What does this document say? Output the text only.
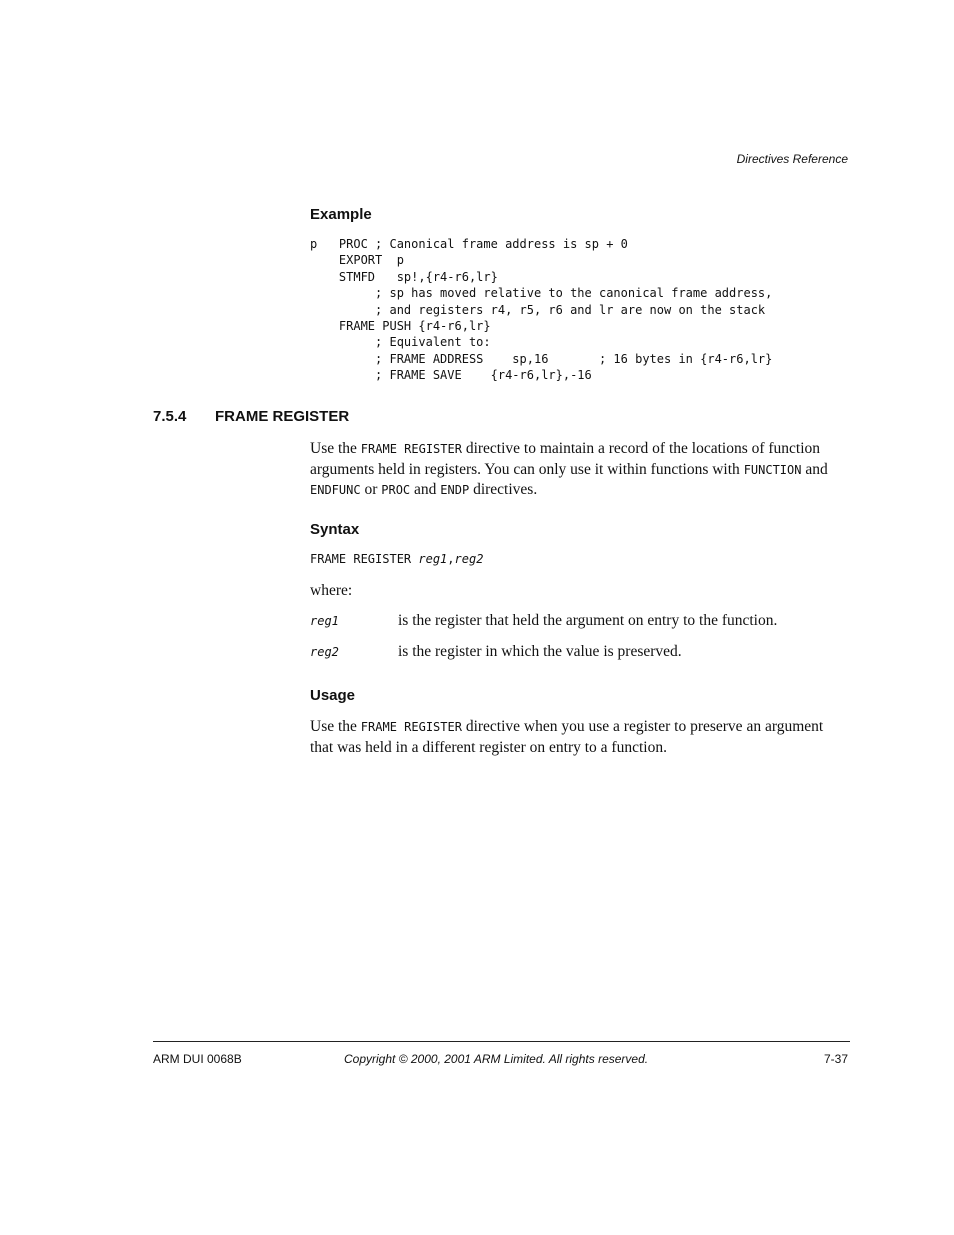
Directives Reference
Example
p   PROC ; Canonical frame address is sp + 0
EXPORT  p
STMFD   sp!,{r4-r6,lr}
; sp has moved relative to the canonical frame address,
; and registers r4, r5, r6 and lr are now on the stack
FRAME PUSH {r4-r6,lr}
; Equivalent to:
; FRAME ADDRESS    sp,16       ; 16 bytes in {r4-r6,lr}
; FRAME SAVE    {r4-r6,lr},-16
7.5.4 FRAME REGISTER
Use the FRAME REGISTER directive to maintain a record of the locations of function arguments held in registers. You can only use it within functions with FUNCTION and ENDFUNC or PROC and ENDP directives.
Syntax
FRAME REGISTER reg1,reg2
where:
reg1	is the register that held the argument on entry to the function.
reg2	is the register in which the value is preserved.
Usage
Use the FRAME REGISTER directive when you use a register to preserve an argument that was held in a different register on entry to a function.
ARM DUI 0068B	Copyright © 2000, 2001 ARM Limited. All rights reserved.	7-37
